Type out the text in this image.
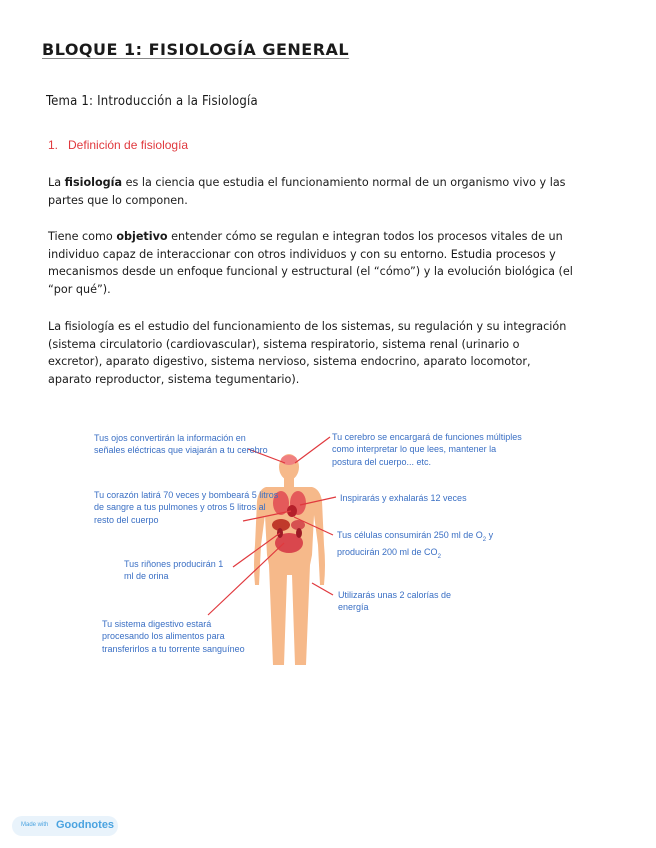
BLOQUE 1: FISIOLOGÍA GENERAL
Tema 1: Introducción a la Fisiología
1. Definición de fisiología
La fisiología es la ciencia que estudia el funcionamiento normal de un organismo vivo y las partes que lo componen.
Tiene como objetivo entender cómo se regulan e integran todos los procesos vitales de un individuo capaz de interaccionar con otros individuos y con su entorno. Estudia procesos y mecanismos desde un enfoque funcional y estructural (el “cómo”) y la evolución biológica (el “por qué”).
La fisiología es el estudio del funcionamiento de los sistemas, su regulación y su integración (sistema circulatorio (cardiovascular), sistema respiratorio, sistema renal (urinario o excretor), aparato digestivo, sistema nervioso, sistema endocrino, aparato locomotor, aparato reproductor, sistema tegumentario).
Tus ojos convertirán la información en señales eléctricas que viajarán a tu cerebro
Tu cerebro se encargará de funciones múltiples como interpretar lo que lees, mantener la postura del cuerpo... etc.
Tu corazón latirá 70 veces y bombeará 5 litros de sangre a tus pulmones y otros 5 litros al resto del cuerpo
Inspirarás y exhalarás 12 veces
Tus células consumirán 250 ml de $O_2$ y
producirán 200 ml de $CO_2$
Tus riñones producirán 1 ml de orina
Utilizarás unas 2 calorías de energía
Tu sistema digestivo estará procesando los alimentos para transferirlos a tu torrente sanguíneo
Made with Goodnotes
